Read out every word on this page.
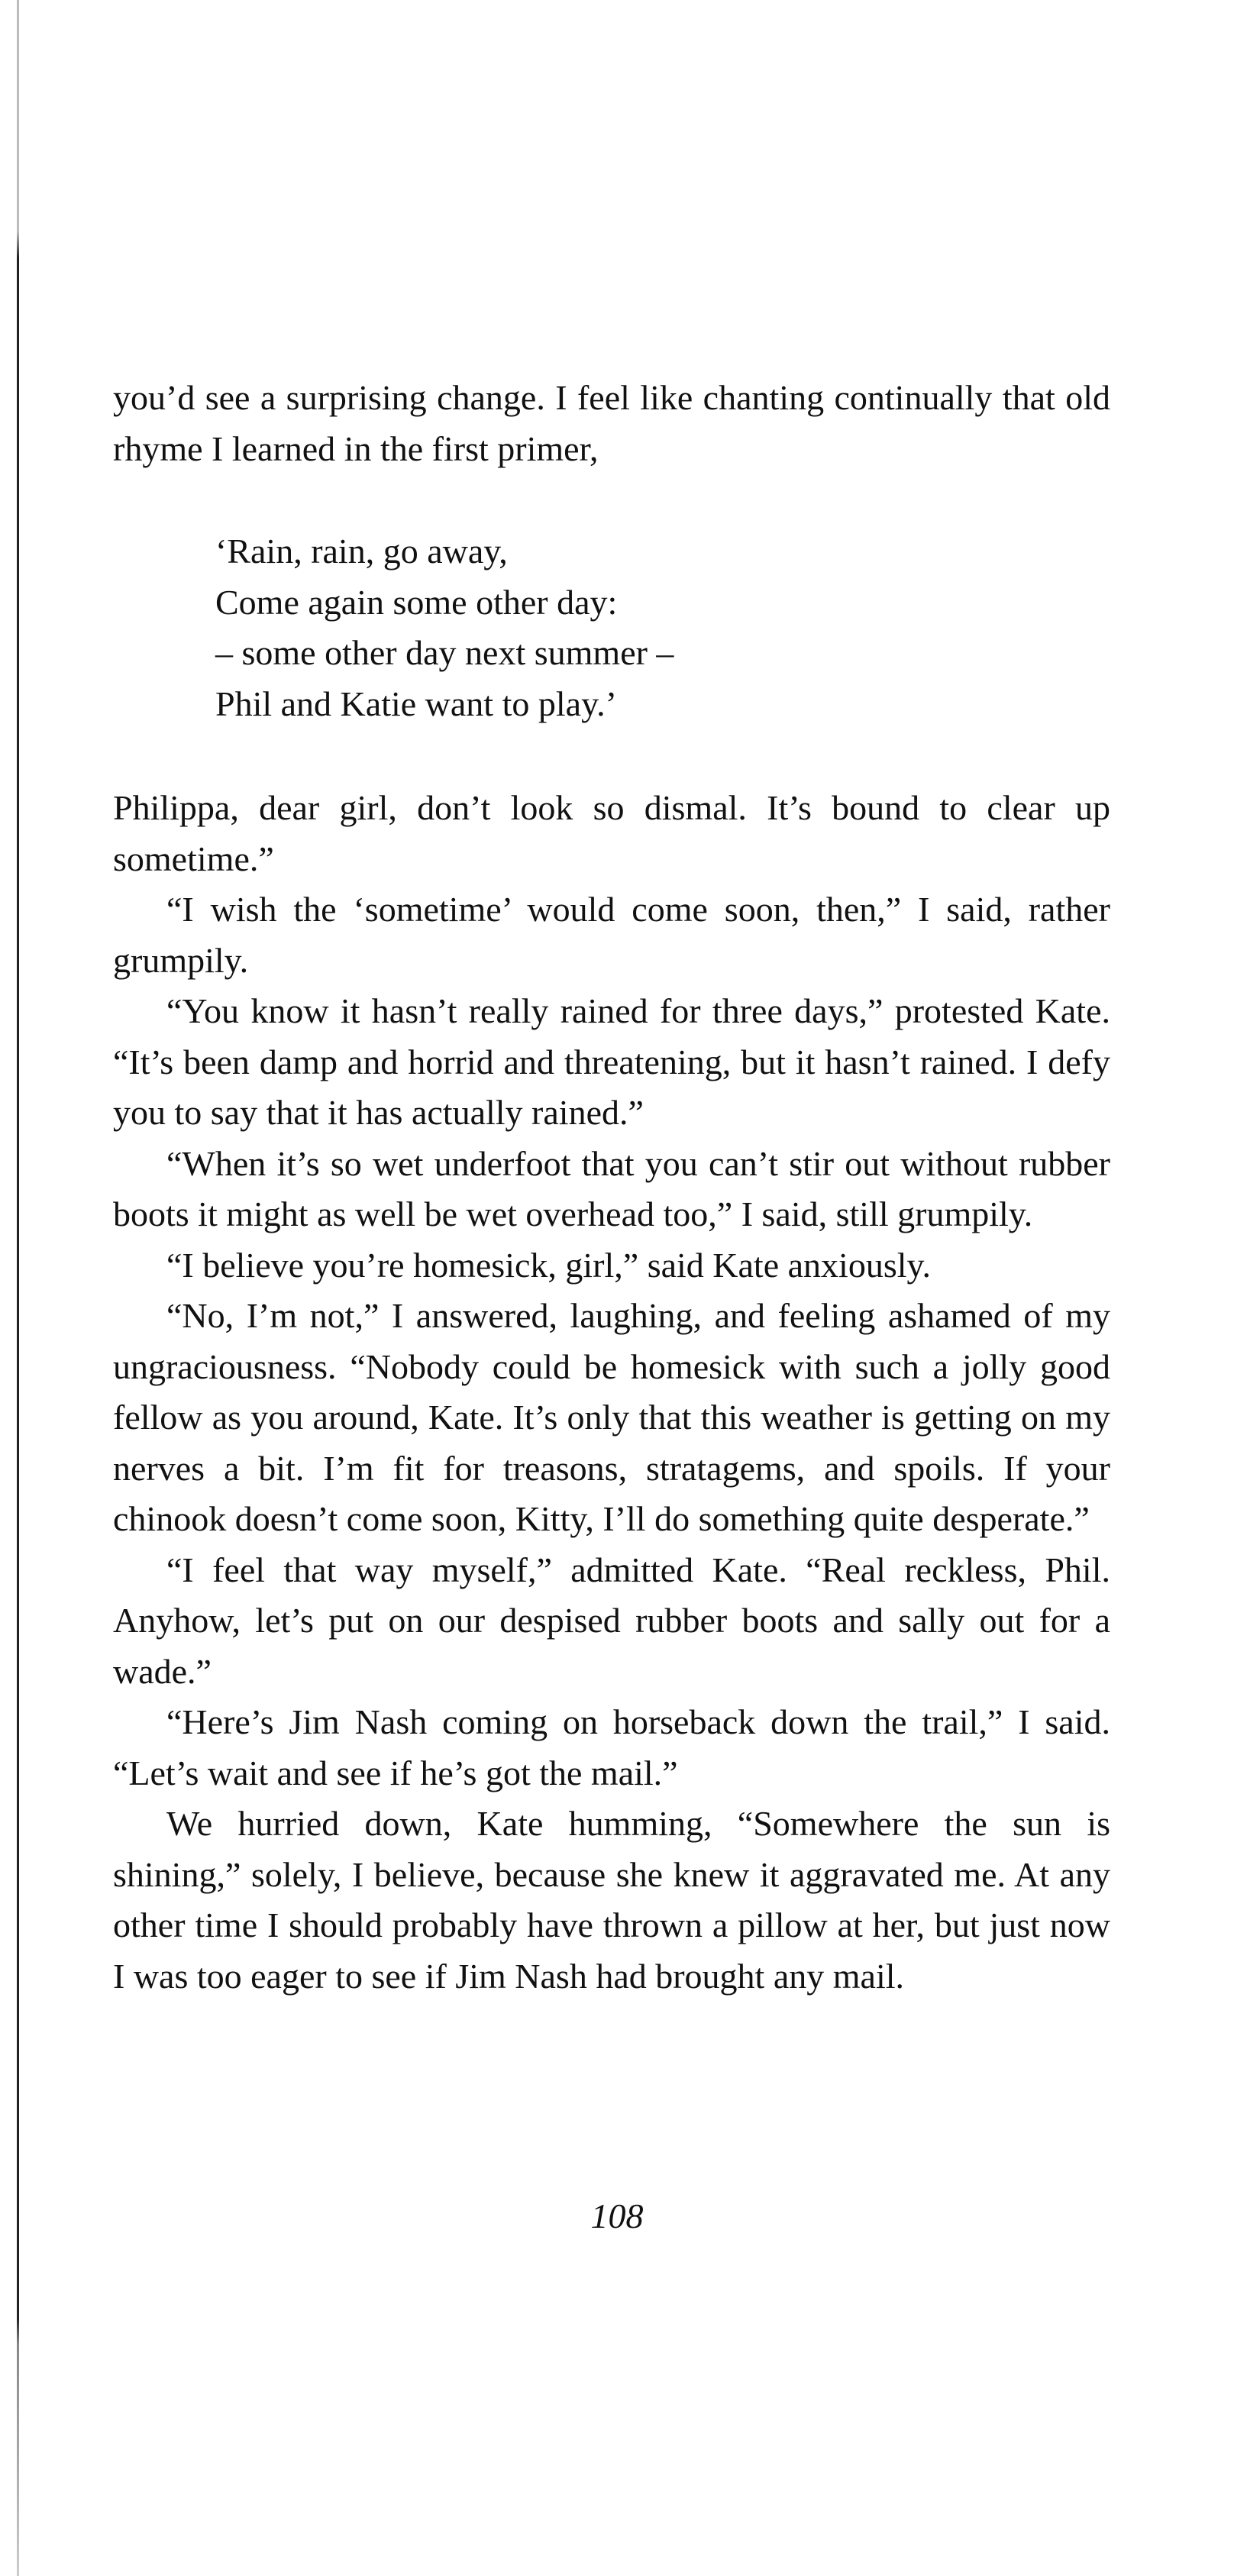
you’d see a surprising change. I feel like chanting continually that old rhyme I learned in the first primer,

‘Rain, rain, go away,
Come again some other day:
– some other day next summer –
Phil and Katie want to play.’

Philippa, dear girl, don’t look so dismal. It’s bound to clear up sometime.”

“I wish the ‘sometime’ would come soon, then,” I said, rather grumpily.

“You know it hasn’t really rained for three days,” protested Kate. “It’s been damp and horrid and threatening, but it hasn’t rained. I defy you to say that it has actually rained.”

“When it’s so wet underfoot that you can’t stir out without rubber boots it might as well be wet overhead too,” I said, still grumpily.

“I believe you’re homesick, girl,” said Kate anxiously.

“No, I’m not,” I answered, laughing, and feeling ashamed of my ungraciousness. “Nobody could be homesick with such a jolly good fellow as you around, Kate. It’s only that this weather is getting on my nerves a bit. I’m fit for treasons, stratagems, and spoils. If your chinook doesn’t come soon, Kitty, I’ll do something quite desperate.”

“I feel that way myself,” admitted Kate. “Real reckless, Phil. Anyhow, let’s put on our despised rubber boots and sally out for a wade.”

“Here’s Jim Nash coming on horseback down the trail,” I said. “Let’s wait and see if he’s got the mail.”

We hurried down, Kate humming, “Somewhere the sun is shining,” solely, I believe, because she knew it aggravated me. At any other time I should probably have thrown a pillow at her, but just now I was too eager to see if Jim Nash had brought any mail.

108
